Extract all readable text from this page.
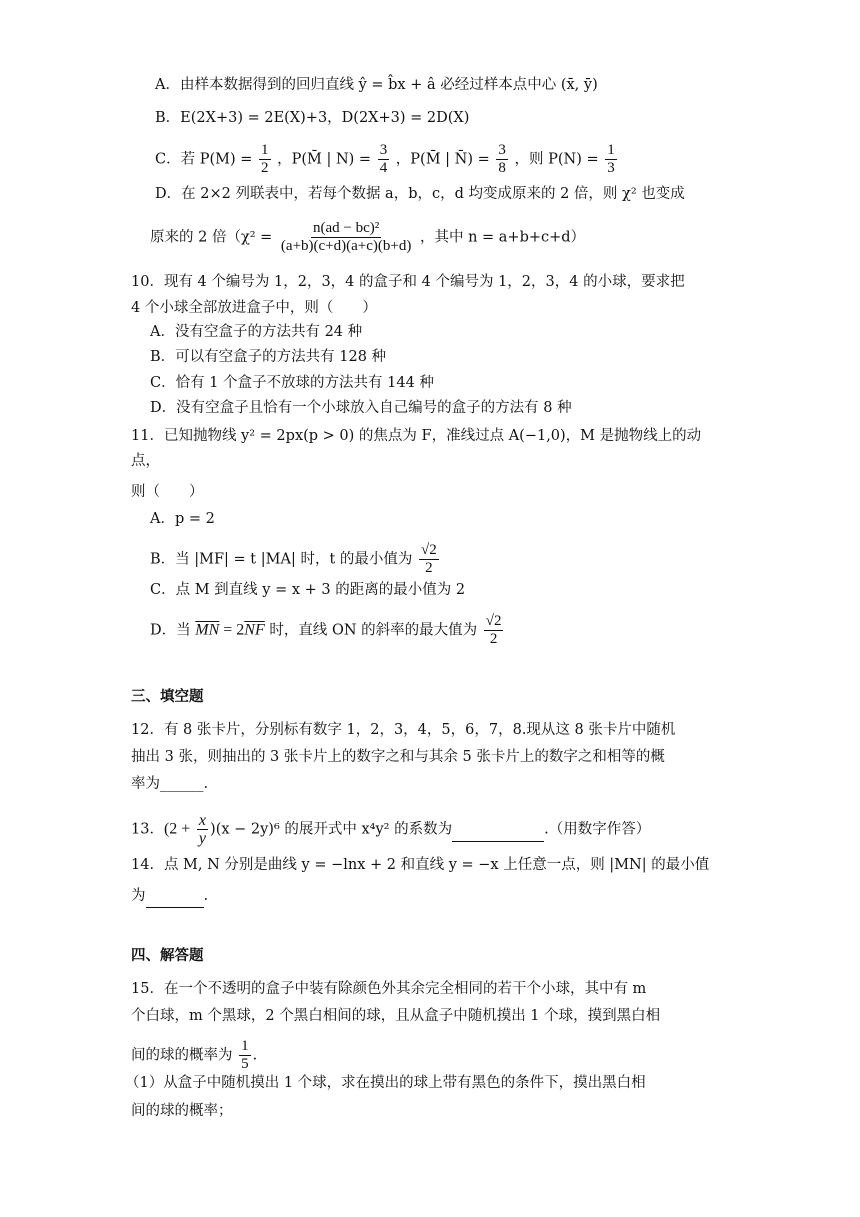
A．由样本数据得到的回归直线 ŷ = b̂x + â 必经过样本点中心 (x̄, ȳ)
B．E(2X+3) = 2E(X)+3，D(2X+3) = 2D(X)
C．若 $P(M) = \frac{1}{2}$ ，P(M̄ | $N) = \frac{3}{4}$ ，P(M̄ | N̄) = $\frac{3}{8}$ ，则 $P(N) = \frac{1}{3}$
D．在 2×2 列联表中，若每个数据 a，b，c，d 均变成原来的 2 倍，则 χ² 也变成
原来的 2 倍（$\chi^2 = \frac{\text{n(ad − bc)²}}{(a+b)(c+d)(a+c)(b+d)}$ ，其中 n = a+b+c+d）
10．现有 4 个编号为 1，2，3，4 的盒子和 4 个编号为 1，2，3，4 的小球，要求把
4 个小球全部放进盒子中，则（　　）
A．没有空盒子的方法共有 24 种
B．可以有空盒子的方法共有 128 种
C．恰有 1 个盒子不放球的方法共有 144 种
D．没有空盒子且恰有一个小球放入自己编号的盒子的方法有 8 种
11．已知抛物线 y² = 2px(p > 0) 的焦点为 F，准线过点 A(−1,0)，M 是抛物线上的动
点，
则（　　）
A．p = 2
B．当 |MF| = t |MA| 时，t 的最小值为 $\frac{√2}{2}$
C．点 M 到直线 y = x + 3 的距离的最小值为 2
D．当 $\overline{MN} = 2\overline{NF}$ 时，直线 ON 的斜率的最大值为 $\frac{√2}{2}$
三、填空题
12．有 8 张卡片，分别标有数字 1，2，3，4，5，6，7，8.现从这 8 张卡片中随机
抽出 3 张，则抽出的 3 张卡片上的数字之和与其余 5 张卡片上的数字之和相等的概
率为______.
13．$(2 + \frac{x}{y} )(x - 2y)^6$ 的展开式中 x⁴y² 的系数为	.（用数字作答）
14．点 M, N 分别是曲线 y = −lnx + 2 和直线 y = −x 上任意一点，则 |MN| 的最小值
为	.
四、解答题
15．在一个不透明的盒子中装有除颜色外其余完全相同的若干个小球，其中有 m
个白球，m 个黑球，2 个黑白相间的球，且从盒子中随机摸出 1 个球，摸到黑白相
间的球的概率为 $\frac{1}{5}$ .
（1）从盒子中随机摸出 1 个球，求在摸出的球上带有黑色的条件下，摸出黑白相
间的球的概率；
